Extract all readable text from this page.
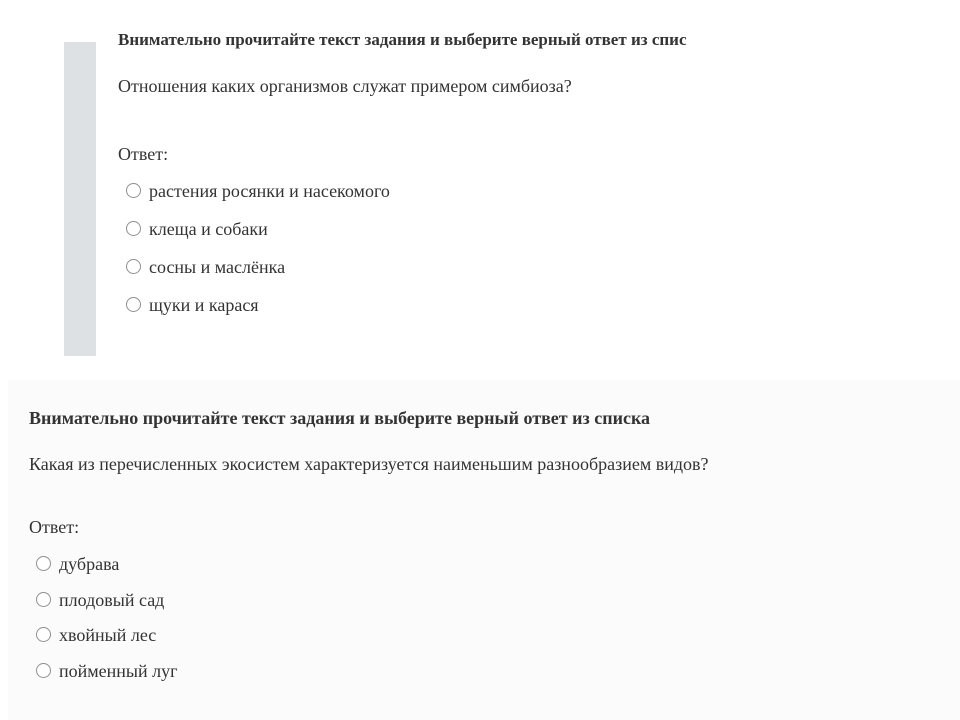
Внимательно прочитайте текст задания и выберите верный ответ из спис

Отношения каких организмов служат примером симбиоза?

Ответ:

растения росянки и насекомого
клеща и собаки
сосны и маслёнка
щуки и карася

Внимательно прочитайте текст задания и выберите верный ответ из списка

Какая из перечисленных экосистем характеризуется наименьшим разнообразием видов?

Ответ:

дубрава
плодовый сад
хвойный лес
пойменный луг
